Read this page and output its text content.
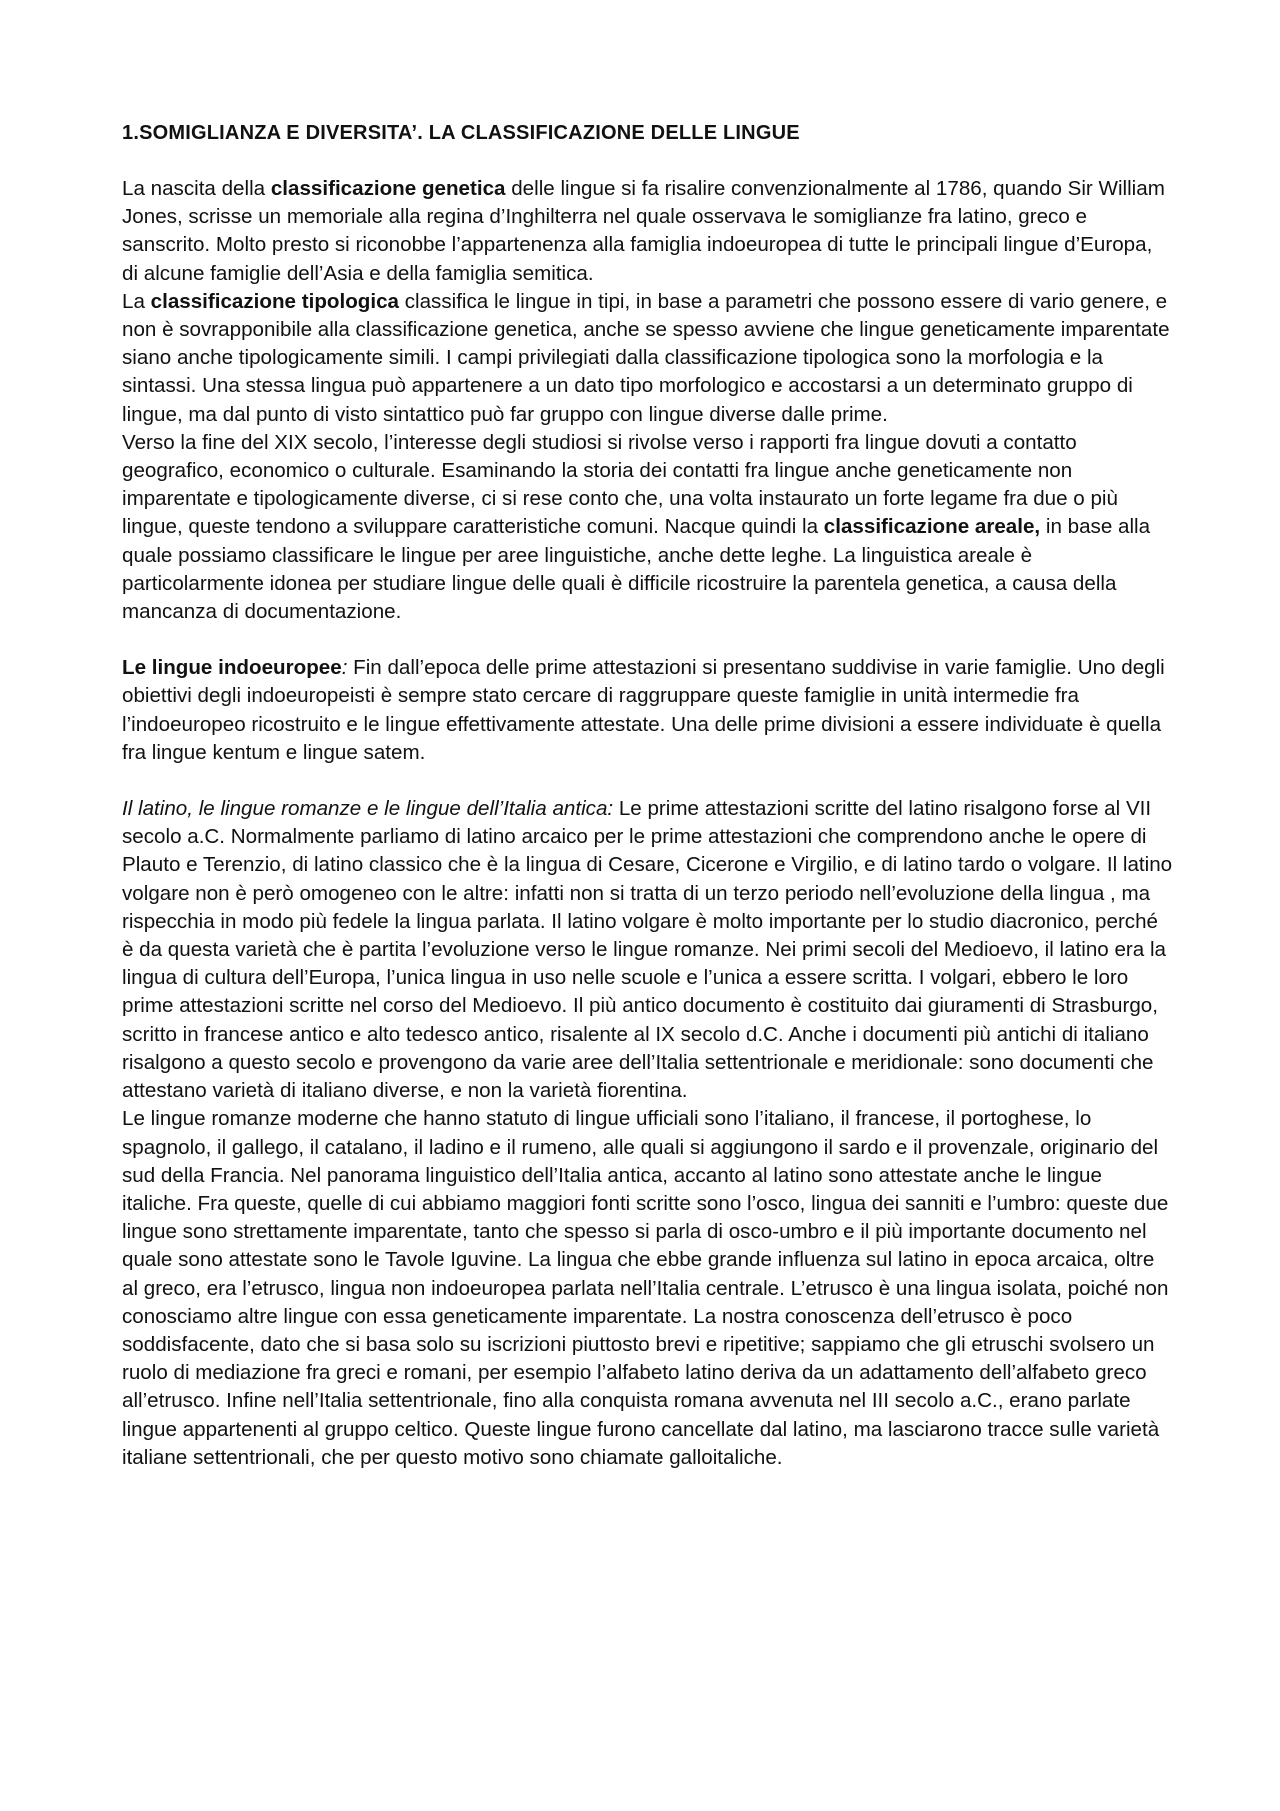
1.SOMIGLIANZA E DIVERSITA’. LA CLASSIFICAZIONE DELLE LINGUE
La nascita della classificazione genetica delle lingue si fa risalire convenzionalmente al 1786, quando Sir William Jones, scrisse un memoriale alla regina d’Inghilterra nel quale osservava le somiglianze fra latino, greco e sanscrito. Molto presto si riconobbe l’appartenenza alla famiglia indoeuropea di tutte le principali lingue d’Europa, di alcune famiglie dell’Asia e della famiglia semitica.
La classificazione tipologica classifica le lingue in tipi, in base a parametri che possono essere di vario genere, e non è sovrapponibile alla classificazione genetica, anche se spesso avviene che lingue geneticamente imparentate siano anche tipologicamente simili. I campi privilegiati dalla classificazione tipologica sono la morfologia e la sintassi. Una stessa lingua può appartenere a un dato tipo morfologico e accostarsi a un determinato gruppo di lingue, ma dal punto di visto sintattico può far gruppo con lingue diverse dalle prime.
Verso la fine del XIX secolo, l’interesse degli studiosi si rivolse verso i rapporti fra lingue dovuti a contatto geografico, economico o culturale. Esaminando la storia dei contatti fra lingue anche geneticamente non imparentate e tipologicamente diverse, ci si rese conto che, una volta instaurato un forte legame fra due o più lingue, queste tendono a sviluppare caratteristiche comuni. Nacque quindi la classificazione areale, in base alla quale possiamo classificare le lingue per aree linguistiche, anche dette leghe. La linguistica areale è particolarmente idonea per studiare lingue delle quali è difficile ricostruire la parentela genetica, a causa della mancanza di documentazione.
Le lingue indoeuropee: Fin dall’epoca delle prime attestazioni si presentano suddivise in varie famiglie. Uno degli obiettivi degli indoeuropeisti è sempre stato cercare di raggruppare queste famiglie in unità intermedie fra l’indoeuropeo ricostruito e le lingue effettivamente attestate. Una delle prime divisioni a essere individuate è quella fra lingue kentum e lingue satem.
Il latino, le lingue romanze e le lingue dell’Italia antica: Le prime attestazioni scritte del latino risalgono forse al VII secolo a.C. Normalmente parliamo di latino arcaico per le prime attestazioni che comprendono anche le opere di Plauto e Terenzio, di latino classico che è la lingua di Cesare, Cicerone e Virgilio, e di latino tardo o volgare. Il latino volgare non è però omogeneo con le altre: infatti non si tratta di un terzo periodo nell’evoluzione della lingua , ma rispecchia in modo più fedele la lingua parlata. Il latino volgare è molto importante per lo studio diacronico, perché è da questa varietà che è partita l’evoluzione verso le lingue romanze. Nei primi secoli del Medioevo, il latino era la lingua di cultura dell’Europa, l’unica lingua in uso nelle scuole e l’unica a essere scritta. I volgari, ebbero le loro prime attestazioni scritte nel corso del Medioevo. Il più antico documento è costituito dai giuramenti di Strasburgo, scritto in francese antico e alto tedesco antico, risalente al IX secolo d.C. Anche i documenti più antichi di italiano risalgono a questo secolo e provengono da varie aree dell’Italia settentrionale e meridionale: sono documenti che attestano varietà di italiano diverse, e non la varietà fiorentina.
Le lingue romanze moderne che hanno statuto di lingue ufficiali sono l’italiano, il francese, il portoghese, lo spagnolo, il gallego, il catalano, il ladino e il rumeno, alle quali si aggiungono il sardo e il provenzale, originario del sud della Francia. Nel panorama linguistico dell’Italia antica, accanto al latino sono attestate anche le lingue italiche. Fra queste, quelle di cui abbiamo maggiori fonti scritte sono l’osco, lingua dei sanniti e l’umbro: queste due lingue sono strettamente imparentate, tanto che spesso si parla di osco-umbro e il più importante documento nel quale sono attestate sono le Tavole Iguvine. La lingua che ebbe grande influenza sul latino in epoca arcaica, oltre al greco, era l’etrusco, lingua non indoeuropea parlata nell’Italia centrale. L’etrusco è una lingua isolata, poiché non conosciamo altre lingue con essa geneticamente imparentate. La nostra conoscenza dell’etrusco è poco soddisfacente, dato che si basa solo su iscrizioni piuttosto brevi e ripetitive; sappiamo che gli etruschi svolsero un ruolo di mediazione fra greci e romani, per esempio l’alfabeto latino deriva da un adattamento dell’alfabeto greco all’etrusco. Infine nell’Italia settentrionale, fino alla conquista romana avvenuta nel III secolo a.C., erano parlate lingue appartenenti al gruppo celtico. Queste lingue furono cancellate dal latino, ma lasciarono tracce sulle varietà italiane settentrionali, che per questo motivo sono chiamate galloitaliche.
